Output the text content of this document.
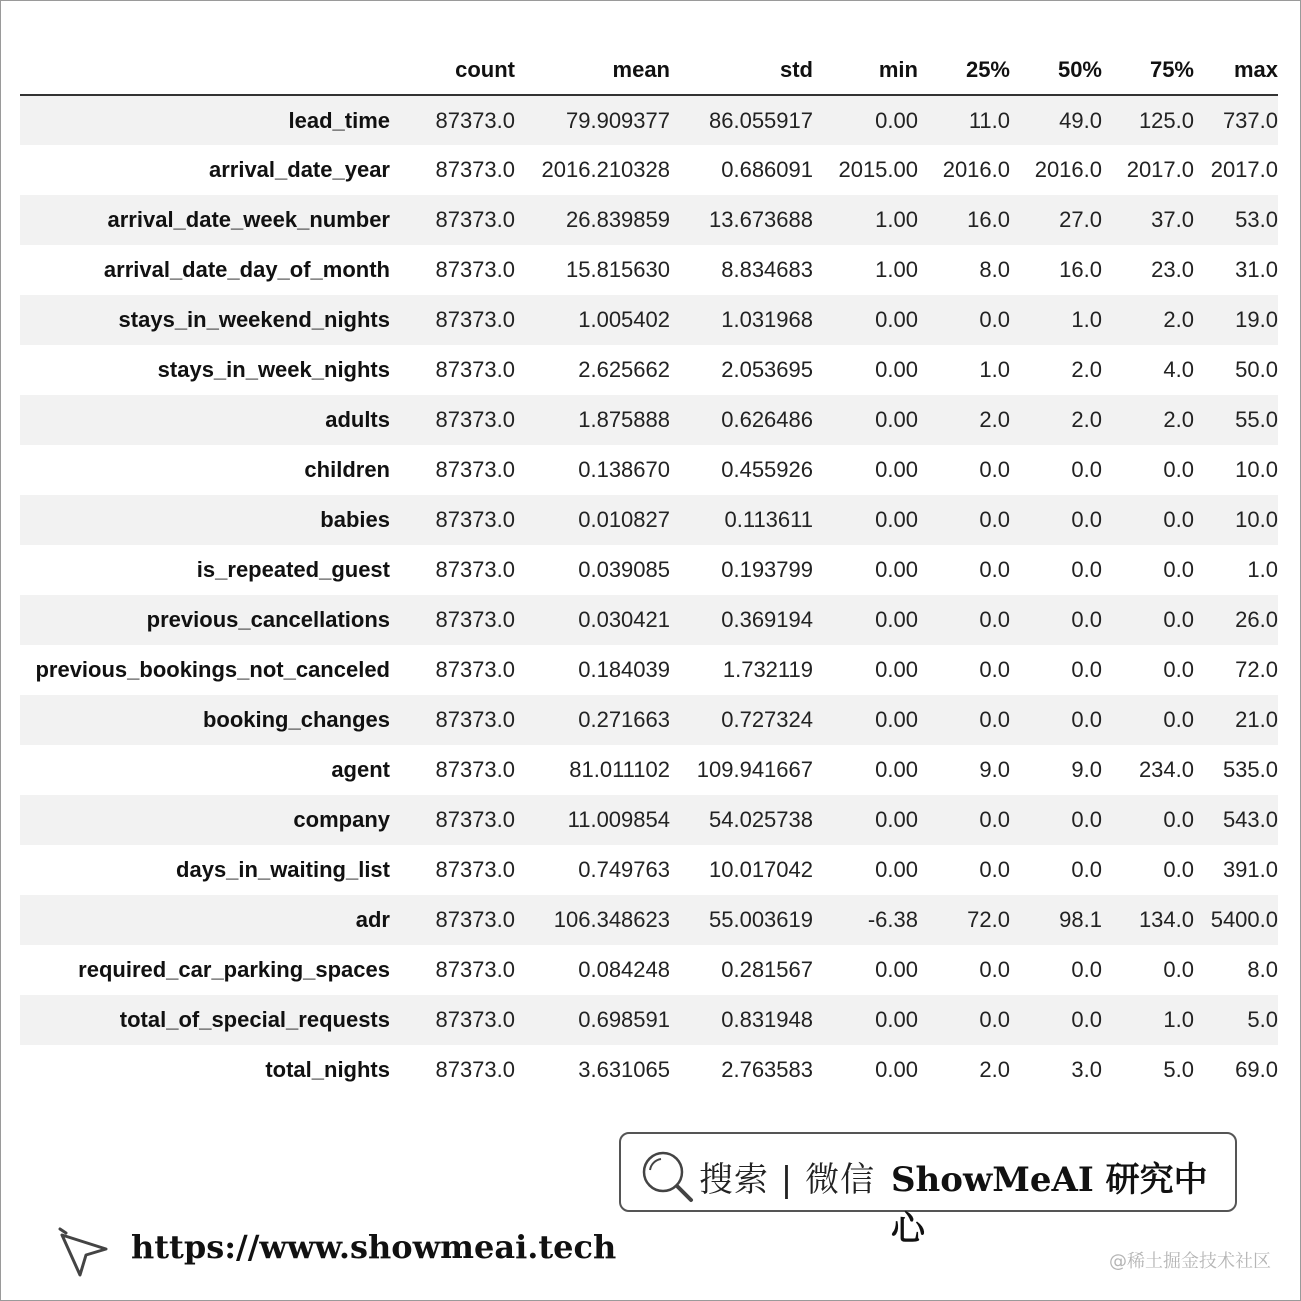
	count	mean	std	min	25%	50%	75%	max
lead_time	87373.0	79.909377	86.055917	0.00	11.0	49.0	125.0	737.0
arrival_date_year	87373.0	2016.210328	0.686091	2015.00	2016.0	2016.0	2017.0	2017.0
arrival_date_week_number	87373.0	26.839859	13.673688	1.00	16.0	27.0	37.0	53.0
arrival_date_day_of_month	87373.0	15.815630	8.834683	1.00	8.0	16.0	23.0	31.0
stays_in_weekend_nights	87373.0	1.005402	1.031968	0.00	0.0	1.0	2.0	19.0
stays_in_week_nights	87373.0	2.625662	2.053695	0.00	1.0	2.0	4.0	50.0
adults	87373.0	1.875888	0.626486	0.00	2.0	2.0	2.0	55.0
children	87373.0	0.138670	0.455926	0.00	0.0	0.0	0.0	10.0
babies	87373.0	0.010827	0.113611	0.00	0.0	0.0	0.0	10.0
is_repeated_guest	87373.0	0.039085	0.193799	0.00	0.0	0.0	0.0	1.0
previous_cancellations	87373.0	0.030421	0.369194	0.00	0.0	0.0	0.0	26.0
previous_bookings_not_canceled	87373.0	0.184039	1.732119	0.00	0.0	0.0	0.0	72.0
booking_changes	87373.0	0.271663	0.727324	0.00	0.0	0.0	0.0	21.0
agent	87373.0	81.011102	109.941667	0.00	9.0	9.0	234.0	535.0
company	87373.0	11.009854	54.025738	0.00	0.0	0.0	0.0	543.0
days_in_waiting_list	87373.0	0.749763	10.017042	0.00	0.0	0.0	0.0	391.0
adr	87373.0	106.348623	55.003619	-6.38	72.0	98.1	134.0	5400.0
required_car_parking_spaces	87373.0	0.084248	0.281567	0.00	0.0	0.0	0.0	8.0
total_of_special_requests	87373.0	0.698591	0.831948	0.00	0.0	0.0	1.0	5.0
total_nights	87373.0	3.631065	2.763583	0.00	2.0	3.0	5.0	69.0
搜索 | 微信 ShowMeAI 研究中心
https://www.showmeai.tech	@稀土掘金技术社区
